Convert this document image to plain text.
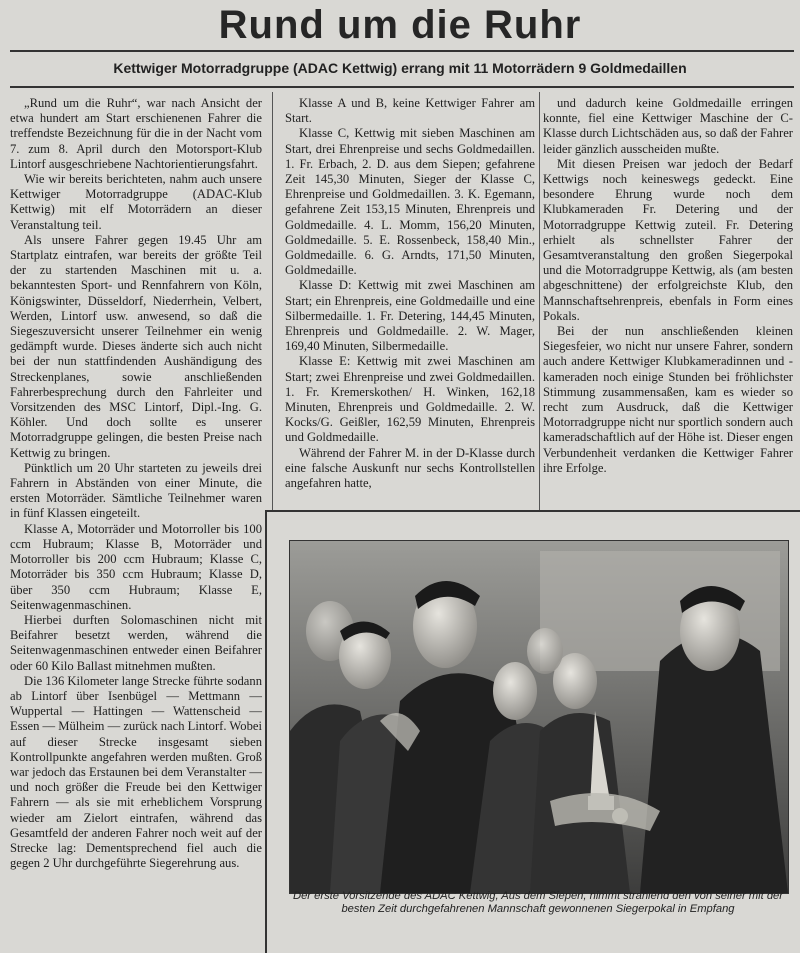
Rund um die Ruhr
Kettwiger Motorradgruppe (ADAC Kettwig) errang mit 11 Motorrädern 9 Goldmedaillen

„Rund um die Ruhr“, war nach Ansicht der etwa hundert am Start erschienenen Fahrer die treffendste Bezeichnung für die in der Nacht vom 7. zum 8. April durch den Motorsport-Klub Lintorf ausgeschriebene Nachtorientierungsfahrt.

Wie wir bereits berichteten, nahm auch unsere Kettwiger Motorradgruppe (ADAC-Klub Kettwig) mit elf Motorrädern an dieser Veranstaltung teil.

Als unsere Fahrer gegen 19.45 Uhr am Startplatz eintrafen, war bereits der größte Teil der zu startenden Maschinen mit u. a. bekanntesten Sport- und Rennfahrern von Köln, Königswinter, Düsseldorf, Niederrhein, Velbert, Werden, Lintorf usw. anwesend, so daß die Siegeszuversicht unserer Teilnehmer ein wenig gedämpft wurde. Dieses änderte sich auch nicht bei der nun stattfindenden Aushändigung des Streckenplanes, sowie anschließenden Fahrerbesprechung durch den Fahrleiter und Vorsitzenden des MSC Lintorf, Dipl.-Ing. G. Köhler. Und doch sollte es unserer Motorradgruppe gelingen, die besten Preise nach Kettwig zu bringen.

Pünktlich um 20 Uhr starteten zu jeweils drei Fahrern in Abständen von einer Minute, die ersten Motorräder. Sämtliche Teilnehmer waren in fünf Klassen eingeteilt.

Klasse A, Motorräder und Motorroller bis 100 ccm Hubraum; Klasse B, Motorräder und Motorroller bis 200 ccm Hubraum; Klasse C, Motorräder bis 350 ccm Hubraum; Klasse D, über 350 ccm Hubraum; Klasse E, Seitenwagenmaschinen.

Hierbei durften Solomaschinen nicht mit Beifahrer besetzt werden, während die Seitenwagenmaschinen entweder einen Beifahrer oder 60 Kilo Ballast mitnehmen mußten.

Die 136 Kilometer lange Strecke führte sodann ab Lintorf über Isenbügel — Mettmann — Wuppertal — Hattingen — Wattenscheid — Essen — Mülheim — zurück nach Lintorf. Wobei auf dieser Strecke insgesamt sieben Kontrollpunkte angefahren werden mußten. Groß war jedoch das Erstaunen bei dem Veranstalter — und noch größer die Freude bei den Kettwiger Fahrern — als sie mit erheblichem Vorsprung wieder am Zielort eintrafen, während das Gesamtfeld der anderen Fahrer noch weit auf der Strecke lag: Dementsprechend fiel auch die gegen 2 Uhr durchgeführte Siegerehrung aus.

Klasse A und B, keine Kettwiger Fahrer am Start.

Klasse C, Kettwig mit sieben Maschinen am Start, drei Ehrenpreise und sechs Goldmedaillen. 1. Fr. Erbach, 2. D. aus dem Siepen; gefahrene Zeit 145,30 Minuten, Sieger der Klasse C, Ehrenpreise und Goldmedaillen. 3. K. Egemann, gefahrene Zeit 153,15 Minuten, Ehrenpreis und Goldmedaille. 4. L. Momm, 156,20 Minuten, Goldmedaille. 5. E. Rossenbeck, 158,40 Min., Goldmedaille. 6. G. Arndts, 171,50 Minuten, Goldmedaille.

Klasse D: Kettwig mit zwei Maschinen am Start; ein Ehrenpreis, eine Goldmedaille und eine Silbermedaille. 1. Fr. Detering, 144,45 Minuten, Ehrenpreis und Goldmedaille. 2. W. Mager, 169,40 Minuten, Silbermedaille.

Klasse E: Kettwig mit zwei Maschinen am Start; zwei Ehrenpreise und zwei Goldmedaillen. 1. Fr. Kremerskothen/ H. Winken, 162,18 Minuten, Ehrenpreis und Goldmedaille. 2. W. Kocks/G. Geißler, 162,59 Minuten, Ehrenpreis und Goldmedaille.

Während der Fahrer M. in der D-Klasse durch eine falsche Auskunft nur sechs Kontrollstellen angefahren hatte,

und dadurch keine Goldmedaille erringen konnte, fiel eine Kettwiger Maschine der C-Klasse durch Lichtschäden aus, so daß der Fahrer leider gänzlich ausscheiden mußte.

Mit diesen Preisen war jedoch der Bedarf Kettwigs noch keineswegs gedeckt. Eine besondere Ehrung wurde noch dem Klubkameraden Fr. Detering und der Motorradgruppe Kettwig zuteil. Fr. Detering erhielt als schnellster Fahrer der Gesamtveranstaltung den großen Siegerpokal und die Motorradgruppe Kettwig, als (am besten abgeschnittene) der erfolgreichste Klub, den Mannschaftsehrenpreis, ebenfals in Form eines Pokals.

Bei der nun anschließenden kleinen Siegesfeier, wo nicht nur unsere Fahrer, sondern auch andere Kettwiger Klubkameradinnen und -kameraden noch einige Stunden bei fröhlichster Stimmung zusammensaßen, kam es wieder so recht zum Ausdruck, daß die Kettwiger Motorradgruppe nicht nur sportlich sondern auch kameradschaftlich auf der Höhe ist. Dieser engen Verbundenheit verdanken die Kettwiger Fahrer ihre Erfolge.

Der erste Vorsitzende des ADAC Kettwig, Aus dem Siepen, nimmt strahlend den von seiner mit der besten Zeit durchgefahrenen Mannschaft gewonnenen Siegerpokal in Empfang
